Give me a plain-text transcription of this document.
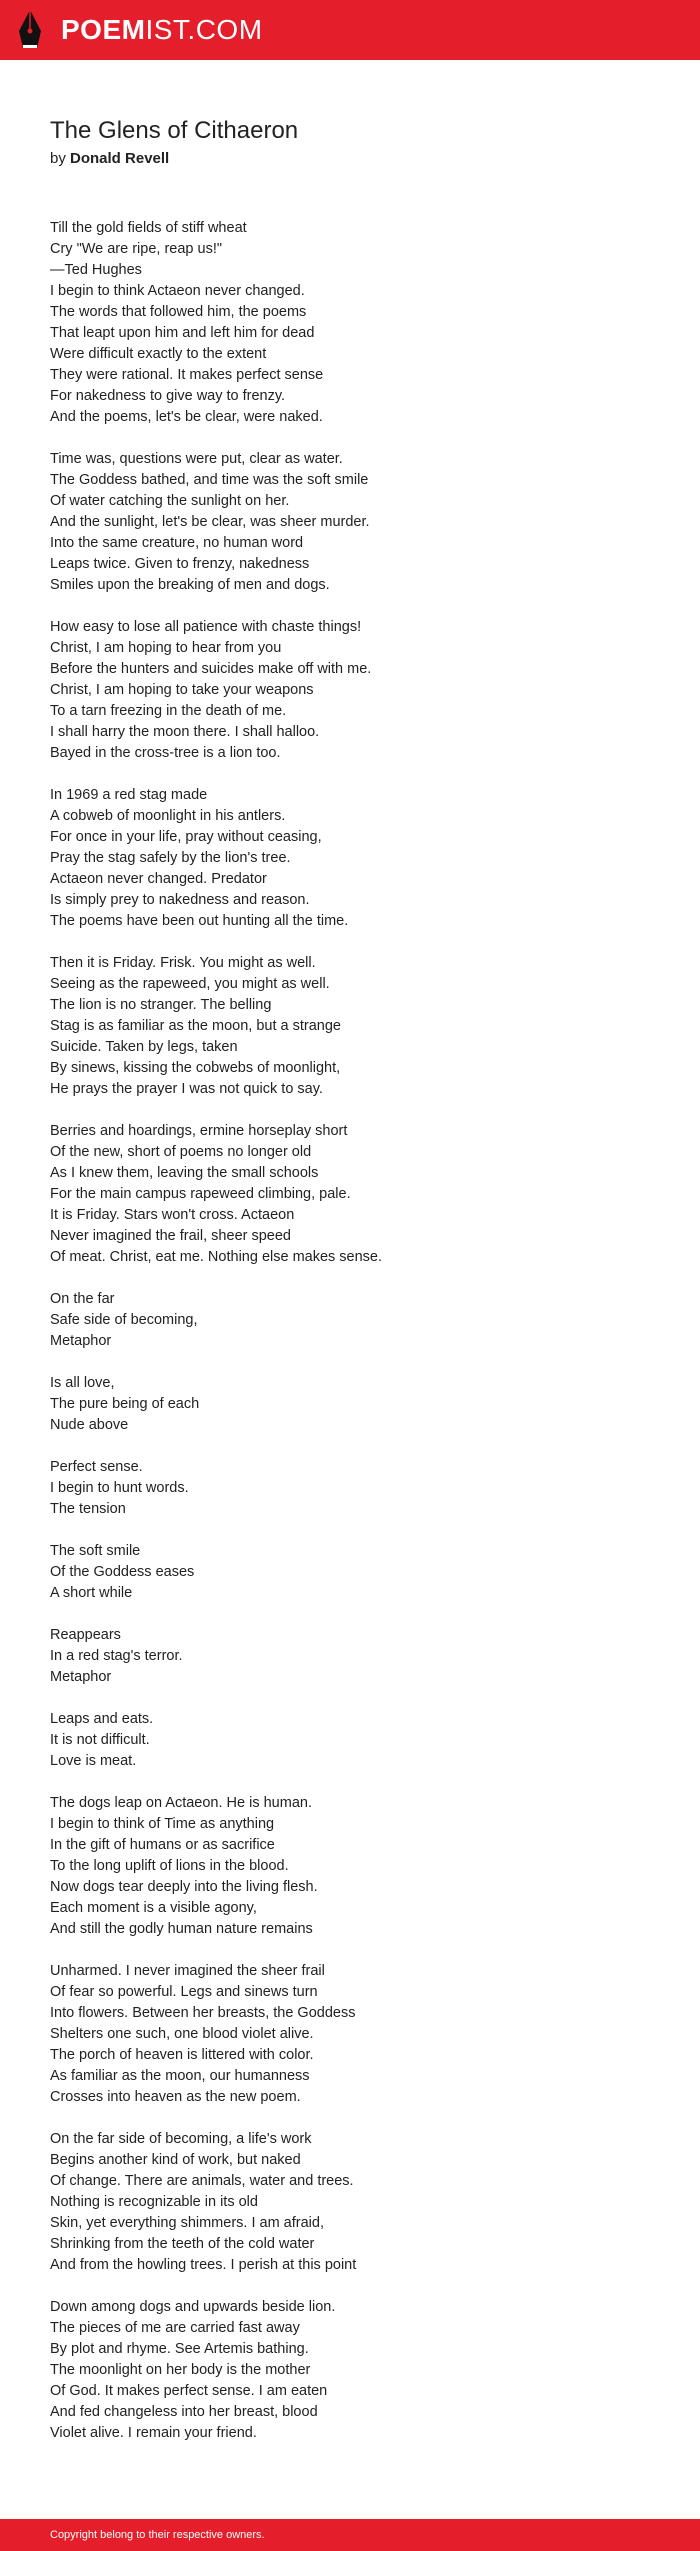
POEMIST.COM
The Glens of Cithaeron
by Donald Revell
Till the gold fields of stiff wheat
Cry "We are ripe, reap us!"
—Ted Hughes
I begin to think Actaeon never changed.
The words that followed him, the poems
That leapt upon him and left him for dead
Were difficult exactly to the extent
They were rational. It makes perfect sense
For nakedness to give way to frenzy.
And the poems, let's be clear, were naked.
Time was, questions were put, clear as water.
The Goddess bathed, and time was the soft smile
Of water catching the sunlight on her.
And the sunlight, let's be clear, was sheer murder.
Into the same creature, no human word
Leaps twice. Given to frenzy, nakedness
Smiles upon the breaking of men and dogs.
How easy to lose all patience with chaste things!
Christ, I am hoping to hear from you
Before the hunters and suicides make off with me.
Christ, I am hoping to take your weapons
To a tarn freezing in the death of me.
I shall harry the moon there. I shall halloo.
Bayed in the cross-tree is a lion too.
In 1969 a red stag made
A cobweb of moonlight in his antlers.
For once in your life, pray without ceasing,
Pray the stag safely by the lion's tree.
Actaeon never changed. Predator
Is simply prey to nakedness and reason.
The poems have been out hunting all the time.
Then it is Friday. Frisk. You might as well.
Seeing as the rapeweed, you might as well.
The lion is no stranger. The belling
Stag is as familiar as the moon, but a strange
Suicide. Taken by legs, taken
By sinews, kissing the cobwebs of moonlight,
He prays the prayer I was not quick to say.
Berries and hoardings, ermine horseplay short
Of the new, short of poems no longer old
As I knew them, leaving the small schools
For the main campus rapeweed climbing, pale.
It is Friday. Stars won't cross. Actaeon
Never imagined the frail, sheer speed
Of meat. Christ, eat me. Nothing else makes sense.
On the far
Safe side of becoming,
Metaphor
Is all love,
The pure being of each
Nude above
Perfect sense.
I begin to hunt words.
The tension
The soft smile
Of the Goddess eases
A short while
Reappears
In a red stag's terror.
Metaphor
Leaps and eats.
It is not difficult.
Love is meat.
The dogs leap on Actaeon. He is human.
I begin to think of Time as anything
In the gift of humans or as sacrifice
To the long uplift of lions in the blood.
Now dogs tear deeply into the living flesh.
Each moment is a visible agony,
And still the godly human nature remains
Unharmed. I never imagined the sheer frail
Of fear so powerful. Legs and sinews turn
Into flowers. Between her breasts, the Goddess
Shelters one such, one blood violet alive.
The porch of heaven is littered with color.
As familiar as the moon, our humanness
Crosses into heaven as the new poem.
On the far side of becoming, a life's work
Begins another kind of work, but naked
Of change. There are animals, water and trees.
Nothing is recognizable in its old
Skin, yet everything shimmers. I am afraid,
Shrinking from the teeth of the cold water
And from the howling trees. I perish at this point
Down among dogs and upwards beside lion.
The pieces of me are carried fast away
By plot and rhyme. See Artemis bathing.
The moonlight on her body is the mother
Of God. It makes perfect sense. I am eaten
And fed changeless into her breast, blood
Violet alive. I remain your friend.
Copyright belong to their respective owners.
